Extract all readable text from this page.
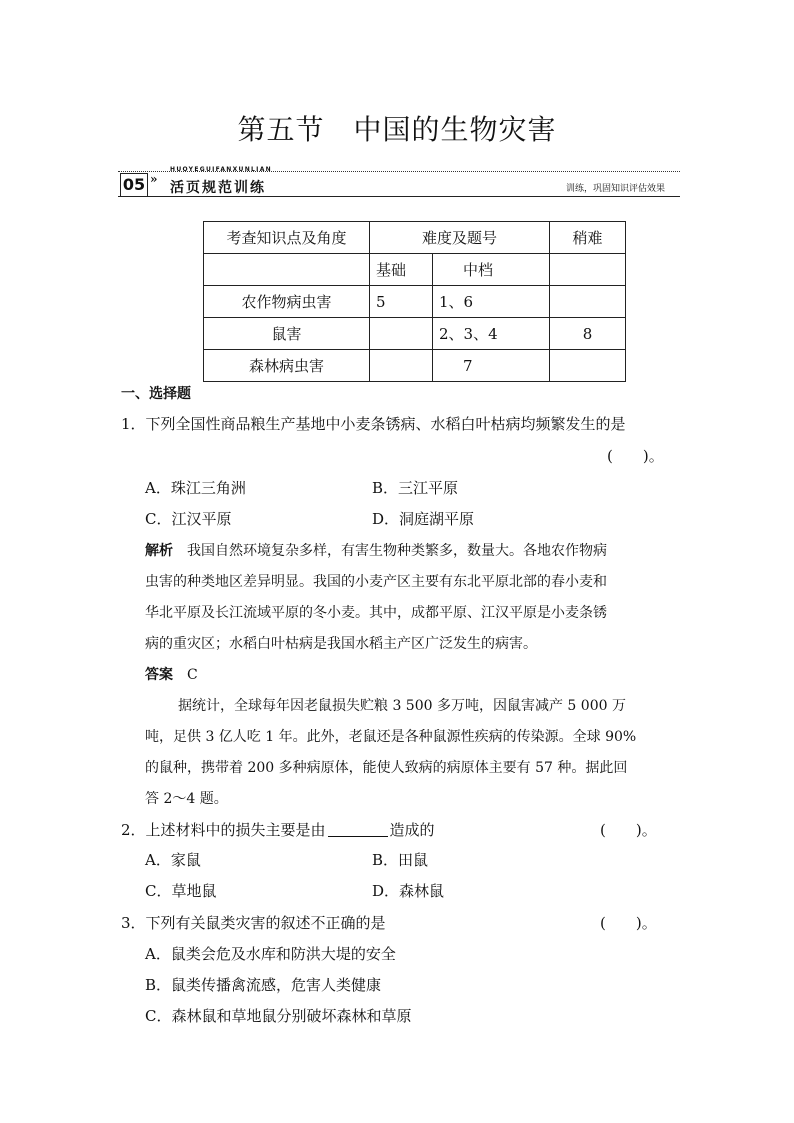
第五节　中国的生物灾害
HUOYEGUIFANXUNLIAN
05 »
活页规范训练	训练，巩固知识评估效果
考查知识点及角度	难度及题号		稍难
	基础	中档	
农作物病虫害	5	1、6	
鼠害		2、3、4	8
森林病虫害		7	
一、选择题
1．下列全国性商品粮生产基地中小麦条锈病、水稻白叶枯病均频繁发生的是
(　　)。
A．珠江三角洲	B．三江平原
C．江汉平原	D．洞庭湖平原
解析　 我国自然环境复杂多样，有害生物种类繁多，数量大。各地农作物病
虫害的种类地区差异明显。我国的小麦产区主要有东北平原北部的春小麦和
华北平原及长江流域平原的冬小麦。其中，成都平原、江汉平原是小麦条锈
病的重灾区；水稻白叶枯病是我国水稻主产区广泛发生的病害。
答案　 C
据统计，全球每年因老鼠损失贮粮 3 500 多万吨，因鼠害减产 5 000 万
吨，足供 3 亿人吃 1 年。此外，老鼠还是各种鼠源性疾病的传染源。全球 90%
的鼠种，携带着 200 多种病原体，能使人致病的病原体主要有 57 种。据此回
答 2～4 题。
2．上述材料中的损失主要是由	造成的	(　　)。
A．家鼠	B．田鼠
C．草地鼠	D．森林鼠
3．下列有关鼠类灾害的叙述不正确的是	(　　)。
A．鼠类会危及水库和防洪大堤的安全
B．鼠类传播禽流感，危害人类健康
C．森林鼠和草地鼠分别破坏森林和草原
